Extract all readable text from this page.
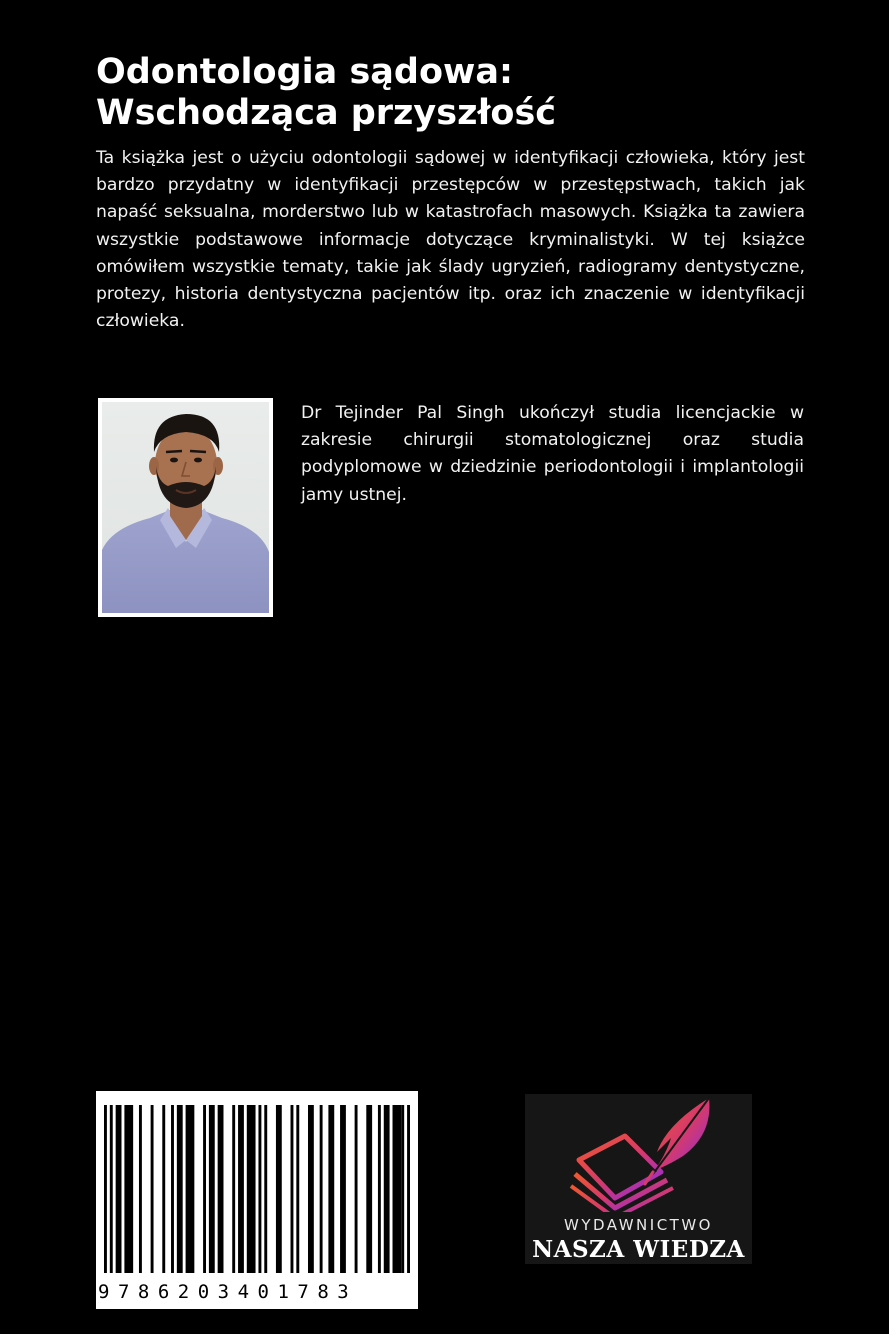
Odontologia sądowa:
Wschodząca przyszłość

Ta książka jest o użyciu odontologii sądowej w identyfikacji człowieka, który jest bardzo przydatny w identyfikacji przestępców w przestępstwach, takich jak napaść seksualna, morderstwo lub w katastrofach masowych. Książka ta zawiera wszystkie podstawowe informacje dotyczące kryminalistyki. W tej książce omówiłem wszystkie tematy, takie jak ślady ugryzień, radiogramy dentystyczne, protezy, historia dentystyczna pacjentów itp. oraz ich znaczenie w identyfikacji człowieka.

Dr Tejinder Pal Singh ukończył studia licencjackie w zakresie chirurgii stomatologicznej oraz studia podyplomowe w dziedzinie periodontologii i implantologii jamy ustnej.

9786203401783
WYDAWNICTWO
NASZA WIEDZA
